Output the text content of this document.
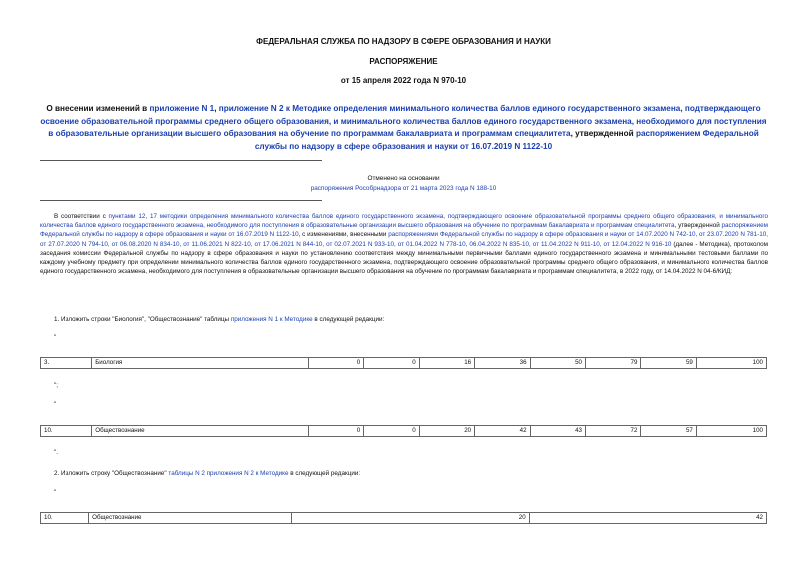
ФЕДЕРАЛЬНАЯ СЛУЖБА ПО НАДЗОРУ В СФЕРЕ ОБРАЗОВАНИЯ И НАУКИ
РАСПОРЯЖЕНИЕ
от 15 апреля 2022 года N 970-10
О внесении изменений в приложение N 1, приложение N 2 к Методике определения минимального количества баллов единого государственного экзамена, подтверждающего освоение образовательной программы среднего общего образования, и минимального количества баллов единого государственного экзамена, необходимого для поступления в образовательные организации высшего образования на обучение по программам бакалавриата и программам специалитета, утвержденной распоряжением Федеральной службы по надзору в сфере образования и науки от 16.07.2019 N 1122-10
Отменено на основании
распоряжения Рособрнадзора от 21 марта 2023 года N 188-10
В соответствии с пунктами 12, 17 методики определения минимального количества баллов единого государственного экзамена, подтверждающего освоение образовательной программы среднего общего образования, и минимального количества баллов единого государственного экзамена, необходимого для поступления в образовательные организации высшего образования на обучение по программам бакалавриата и программам специалитета, утвержденной распоряжением Федеральной службы по надзору в сфере образования и науки от 16.07.2019 N 1122-10, с изменениями, внесенными распоряжениями Федеральной службы по надзору в сфере образования и науки от 14.07.2020 N 742-10, от 23.07.2020 N 781-10, от 27.07.2020 N 794-10, от 06.08.2020 N 834-10, от 11.06.2021 N 822-10, от 17.06.2021 N 844-10, от 02.07.2021 N 933-10, от 01.04.2022 N 778-10, 06.04.2022 N 835-10, от 11.04.2022 N 911-10, от 12.04.2022 N 916-10 (далее - Методика), протоколом заседания комиссии Федеральной службы по надзору в сфере образования и науки по установлению соответствия между минимальными первичными баллами единого государственного экзамена и минимальными тестовыми баллами по каждому учебному предмету при определении минимального количества баллов единого государственного экзамена, подтверждающего освоение образовательной программы среднего общего образования, и минимального количества баллов единого государственного экзамена, необходимого для поступления в образовательные организации высшего образования на обучение по программам бакалавриата и программам специалитета, в 2022 году, от 14.04.2022 N 04-6/КИД:
1. Изложить строки "Биология", "Обществознание" таблицы приложения N 1 к Методике в следующей редакции:
"
3.	Биология	0	0	16	36	50	79	59	100
";
"
10.	Обществознание	0	0	20	42	43	72	57	100
".
2. Изложить строку "Обществознание" таблицы N 2 приложения N 2 к Методике в следующей редакции:
"
10.	Обществознание	20	42
